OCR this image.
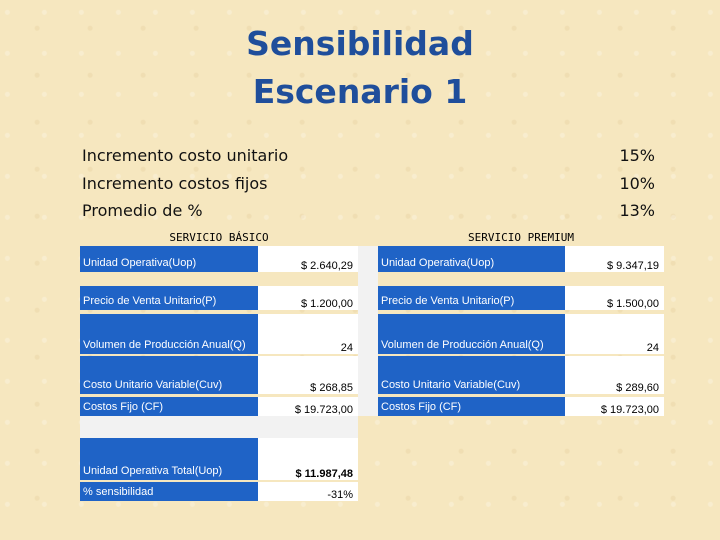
Sensibilidad
Escenario 1
Incremento costo unitario	15%
Incremento costos fijos	10%
Promedio de %	13%
SERVICIO BÁSICO	SERVICIO PREMIUM
Unidad Operativa(Uop)	$ 2.640,29
Precio de Venta Unitario(P)	$ 1.200,00
Volumen de Producción Anual(Q)	24
Costo Unitario Variable(Cuv)	$ 268,85
Costos Fijo (CF)	$ 19.723,00
Unidad Operativa Total(Uop)	$ 11.987,48
% sensibilidad	-31%
Unidad Operativa(Uop)	$ 9.347,19
Precio de Venta Unitario(P)	$ 1.500,00
Volumen de Producción Anual(Q)	24
Costo Unitario Variable(Cuv)	$ 289,60
Costos Fijo (CF)	$ 19.723,00
